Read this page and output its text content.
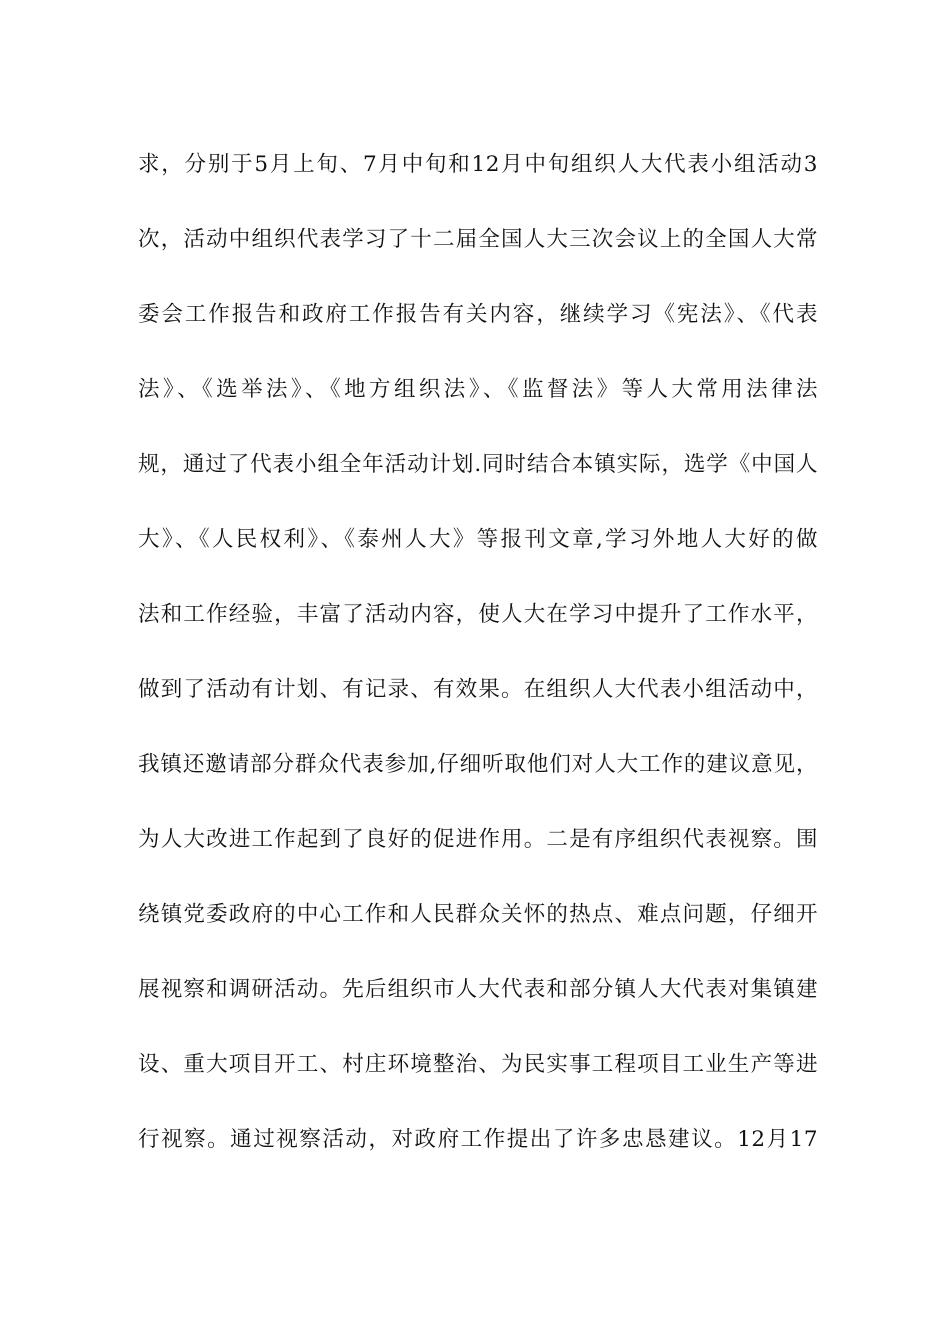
求，分别于5月上旬、7月中旬和12月中旬组织人大代表小组活动3
次，活动中组织代表学习了十二届全国人大三次会议上的全国人大常
委会工作报告和政府工作报告有关内容，继续学习《宪法》、《代表
法》、《选举法》、《地方组织法》、《监督法》等人大常用法律法
规，通过了代表小组全年活动计划.同时结合本镇实际，选学《中国人
大》、《人民权利》、《泰州人大》等报刊文章,学习外地人大好的做
法和工作经验，丰富了活动内容，使人大在学习中提升了工作水平，
做到了活动有计划、有记录、有效果。在组织人大代表小组活动中，
我镇还邀请部分群众代表参加,仔细听取他们对人大工作的建议意见，
为人大改进工作起到了良好的促进作用。二是有序组织代表视察。围
绕镇党委政府的中心工作和人民群众关怀的热点、难点问题，仔细开
展视察和调研活动。先后组织市人大代表和部分镇人大代表对集镇建
设、重大项目开工、村庄环境整治、为民实事工程项目工业生产等进
行视察。通过视察活动，对政府工作提出了许多忠恳建议。12月17
